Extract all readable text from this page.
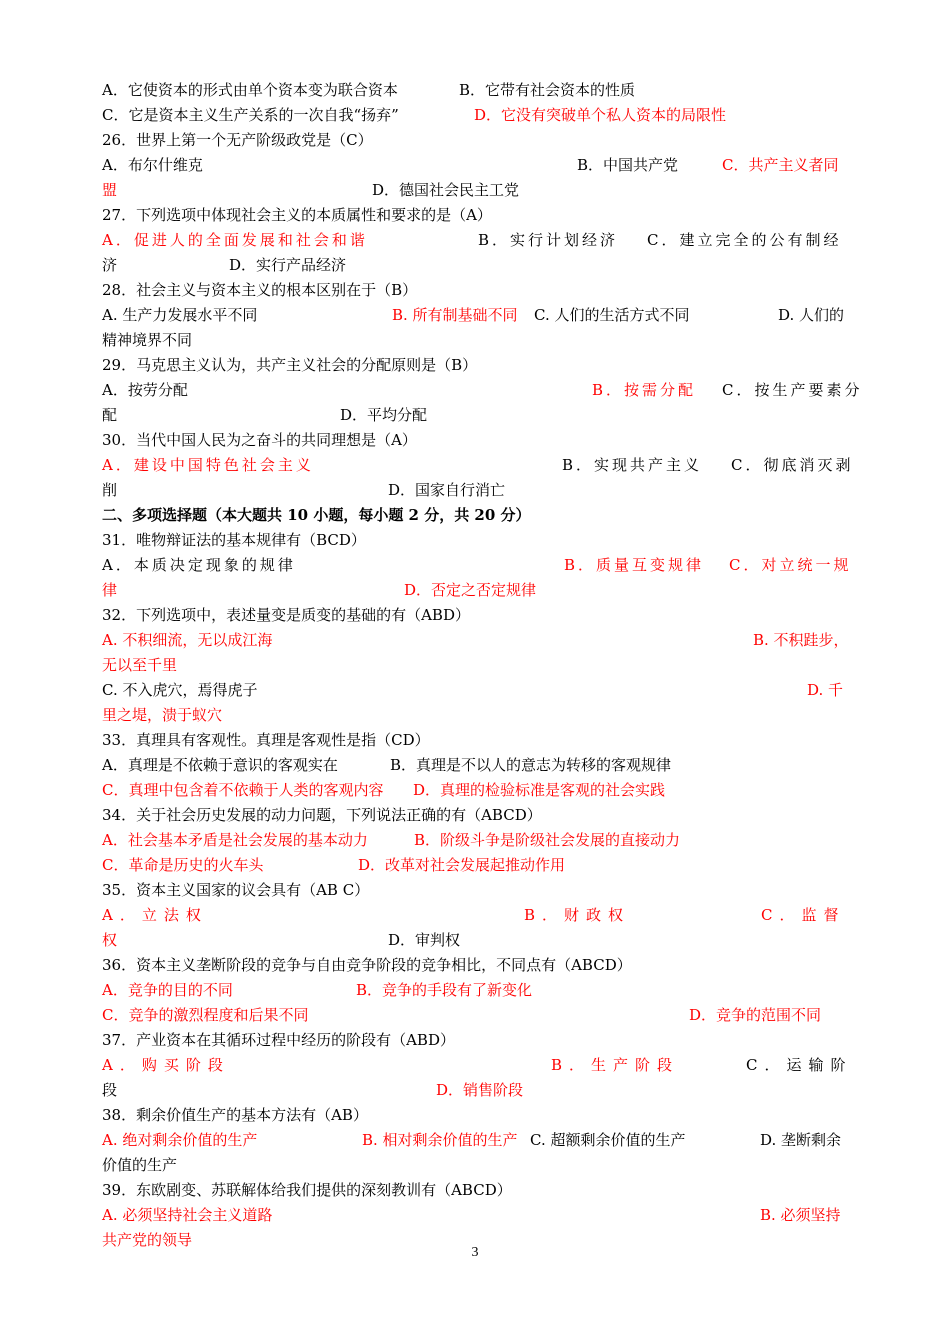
3
A．它使资本的形式由单个资本变为联合资本	B．它带有社会资本的性质
C．它是资本主义生产关系的一次自我“扬弃”	D．它没有突破单个私人资本的局限性
26．世界上第一个无产阶级政党是（C）
A．布尔什维克	B．中国共产党	C．共产主义者同
盟	D．德国社会民主工党
27．下列选项中体现社会主义的本质属性和要求的是（A）
A．促进人的全面发展和社会和谐	B．实行计划经济 C．建立完全的公有制经
济	D．实行产品经济
28．社会主义与资本主义的根本区别在于（B）
A. 生产力发展水平不同	B. 所有制基础不同 C. 人们的生活方式不同	D. 人们的
精神境界不同
29．马克思主义认为，共产主义社会的分配原则是（B）
A．按劳分配	B．按需分配 C．按生产要素分
配	D．平均分配
30．当代中国人民为之奋斗的共同理想是（A）
A．建设中国特色社会主义	B．实现共产主义 C．彻底消灭剥
削	D．国家自行消亡
二、多项选择题（本大题共 10 小题，每小题 2 分，共 20 分）
31．唯物辩证法的基本规律有（BCD）
A．本质决定现象的规律	B．质量互变规律 C．对立统一规
律	D．否定之否定规律
32．下列选项中，表述量变是质变的基础的有（ABD）
A. 不积细流，无以成江海	B. 不积跬步，
无以至千里
C. 不入虎穴，焉得虎子	D. 千
里之堤，溃于蚁穴
33．真理具有客观性。真理是客观性是指（CD）
A．真理是不依赖于意识的客观实在	B．真理是不以人的意志为转移的客观规律
C．真理中包含着不依赖于人类的客观内容 D．真理的检验标准是客观的社会实践
34．关于社会历史发展的动力问题，下列说法正确的有（ABCD）
A．社会基本矛盾是社会发展的基本动力	B．阶级斗争是阶级社会发展的直接动力
C．革命是历史的火车头	D．改革对社会发展起推动作用
35．资本主义国家的议会具有（AB C）
A．立法权	B．财政权	C．监督
权	D．审判权
36．资本主义垄断阶段的竞争与自由竞争阶段的竞争相比，不同点有（ABCD）
A．竞争的目的不同	B．竞争的手段有了新变化
C．竞争的激烈程度和后果不同	D．竞争的范围不同
37．产业资本在其循环过程中经历的阶段有（ABD）
A．购买阶段	B．生产阶段	C．运输阶
段	D．销售阶段
38．剩余价值生产的基本方法有（AB）
A. 绝对剩余价值的生产	B. 相对剩余价值的生产 C. 超额剩余价值的生产	D. 垄断剩余
价值的生产
39．东欧剧变、苏联解体给我们提供的深刻教训有（ABCD）
A. 必须坚持社会主义道路	B. 必须坚持
共产党的领导
